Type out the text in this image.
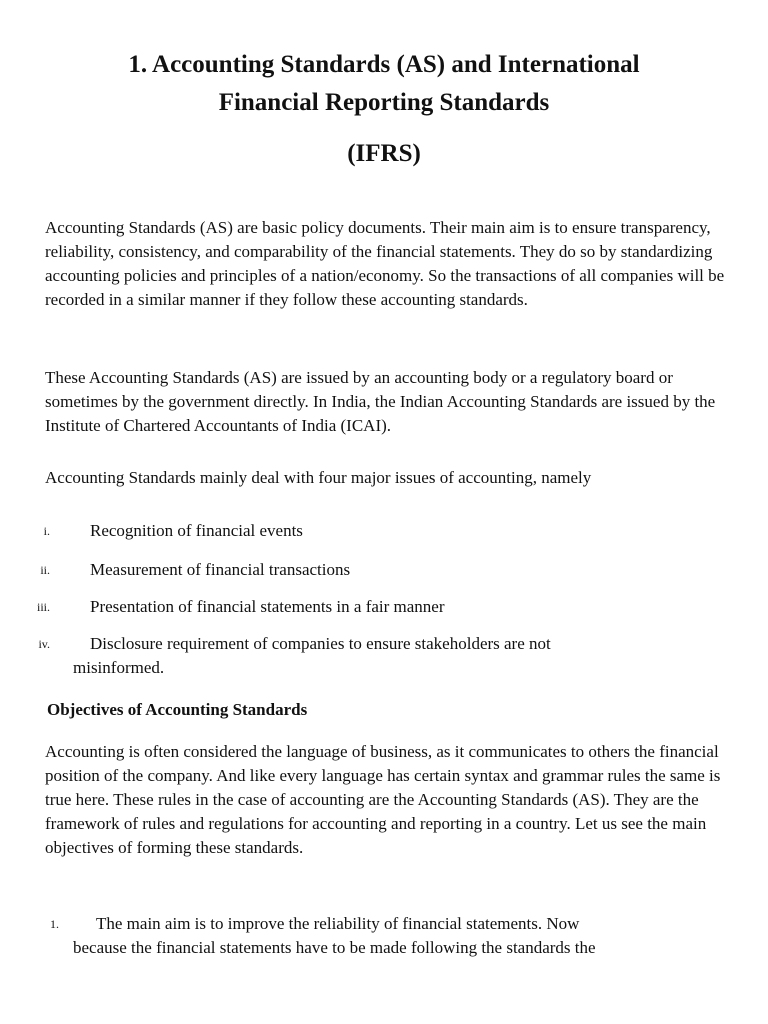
1. Accounting Standards (AS) and International
Financial Reporting Standards
(IFRS)

Accounting Standards (AS) are basic policy documents. Their main aim is to ensure transparency, reliability, consistency, and comparability of the financial statements. They do so by standardizing accounting policies and principles of a nation/economy. So the transactions of all companies will be recorded in a similar manner if they follow these accounting standards.

These Accounting Standards (AS) are issued by an accounting body or a regulatory board or sometimes by the government directly. In India, the Indian Accounting Standards are issued by the Institute of Chartered Accountants of India (ICAI).

Accounting Standards mainly deal with four major issues of accounting, namely

i. Recognition of financial events
ii. Measurement of financial transactions
iii. Presentation of financial statements in a fair manner
iv. Disclosure requirement of companies to ensure stakeholders are not
misinformed.
Objectives of Accounting Standards

Accounting is often considered the language of business, as it communicates to others the financial position of the company. And like every language has certain syntax and grammar rules the same is true here. These rules in the case of accounting are the Accounting Standards (AS). They are the framework of rules and regulations for accounting and reporting in a country. Let us see the main objectives of forming these standards.

1. The main aim is to improve the reliability of financial statements. Now
because the financial statements have to be made following the standards the
